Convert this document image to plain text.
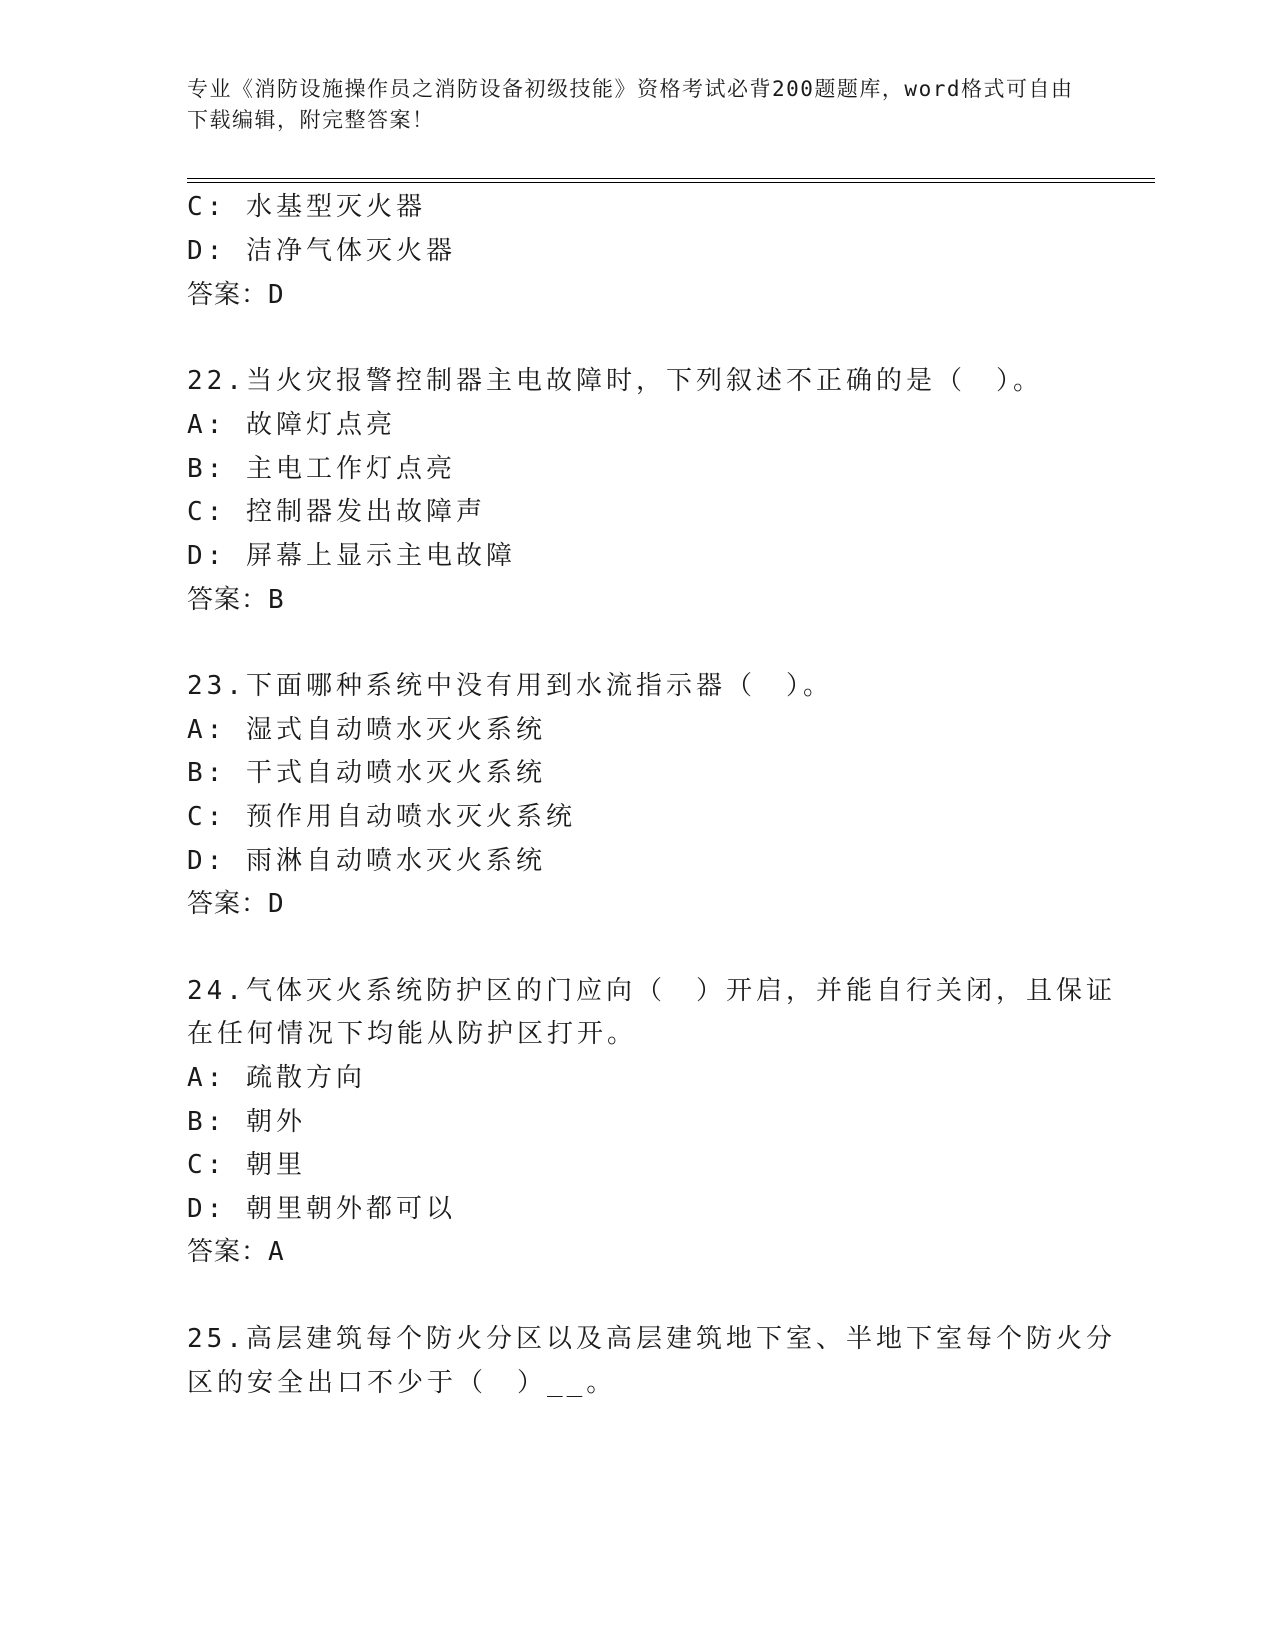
专业《消防设施操作员之消防设备初级技能》资格考试必背200题题库，word格式可自由下载编辑，附完整答案！
C: 水基型灭火器
D: 洁净气体灭火器
答案：D
22.当火灾报警控制器主电故障时，下列叙述不正确的是（　）。
A: 故障灯点亮
B: 主电工作灯点亮
C: 控制器发出故障声
D: 屏幕上显示主电故障
答案：B
23.下面哪种系统中没有用到水流指示器（　）。
A: 湿式自动喷水灭火系统
B: 干式自动喷水灭火系统
C: 预作用自动喷水灭火系统
D: 雨淋自动喷水灭火系统
答案：D
24.气体灭火系统防护区的门应向（　）开启，并能自行关闭，且保证
在任何情况下均能从防护区打开。
A: 疏散方向
B: 朝外
C: 朝里
D: 朝里朝外都可以
答案：A
25.高层建筑每个防火分区以及高层建筑地下室、半地下室每个防火分
区的安全出口不少于（　）__。
